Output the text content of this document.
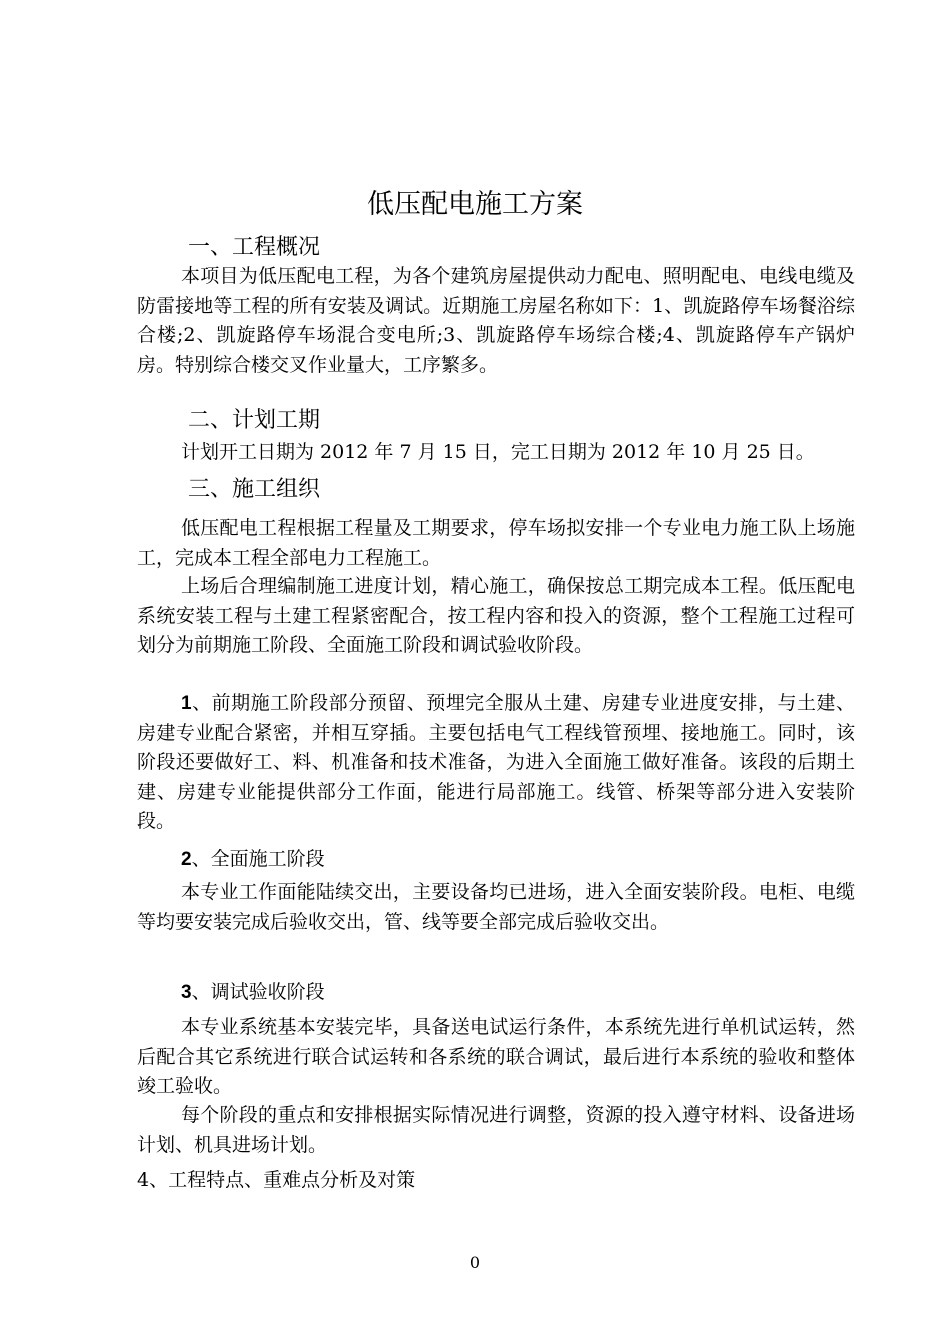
低压配电施工方案
一、工程概况
本项目为低压配电工程，为各个建筑房屋提供动力配电、照明配电、电线电缆及防雷接地等工程的所有安装及调试。近期施工房屋名称如下：1、凯旋路停车场餐浴综合楼;2、凯旋路停车场混合变电所;3、凯旋路停车场综合楼;4、凯旋路停车产锅炉房。特别综合楼交叉作业量大，工序繁多。
二、计划工期
计划开工日期为 2012 年 7 月 15 日，完工日期为 2012 年 10 月 25 日。
三、施工组织
低压配电工程根据工程量及工期要求，停车场拟安排一个专业电力施工队上场施工，完成本工程全部电力工程施工。
上场后合理编制施工进度计划，精心施工，确保按总工期完成本工程。低压配电系统安装工程与土建工程紧密配合，按工程内容和投入的资源，整个工程施工过程可划分为前期施工阶段、全面施工阶段和调试验收阶段。
1、前期施工阶段部分预留、预埋完全服从土建、房建专业进度安排，与土建、房建专业配合紧密，并相互穿插。主要包括电气工程线管预埋、接地施工。同时，该阶段还要做好工、料、机准备和技术准备，为进入全面施工做好准备。该段的后期土建、房建专业能提供部分工作面，能进行局部施工。线管、桥架等部分进入安装阶段。
2、全面施工阶段
本专业工作面能陆续交出，主要设备均已进场，进入全面安装阶段。电柜、电缆等均要安装完成后验收交出，管、线等要全部完成后验收交出。
3、调试验收阶段
本专业系统基本安装完毕，具备送电试运行条件，本系统先进行单机试运转，然后配合其它系统进行联合试运转和各系统的联合调试，最后进行本系统的验收和整体竣工验收。
每个阶段的重点和安排根据实际情况进行调整，资源的投入遵守材料、设备进场计划、机具进场计划。
4、工程特点、重难点分析及对策
0
